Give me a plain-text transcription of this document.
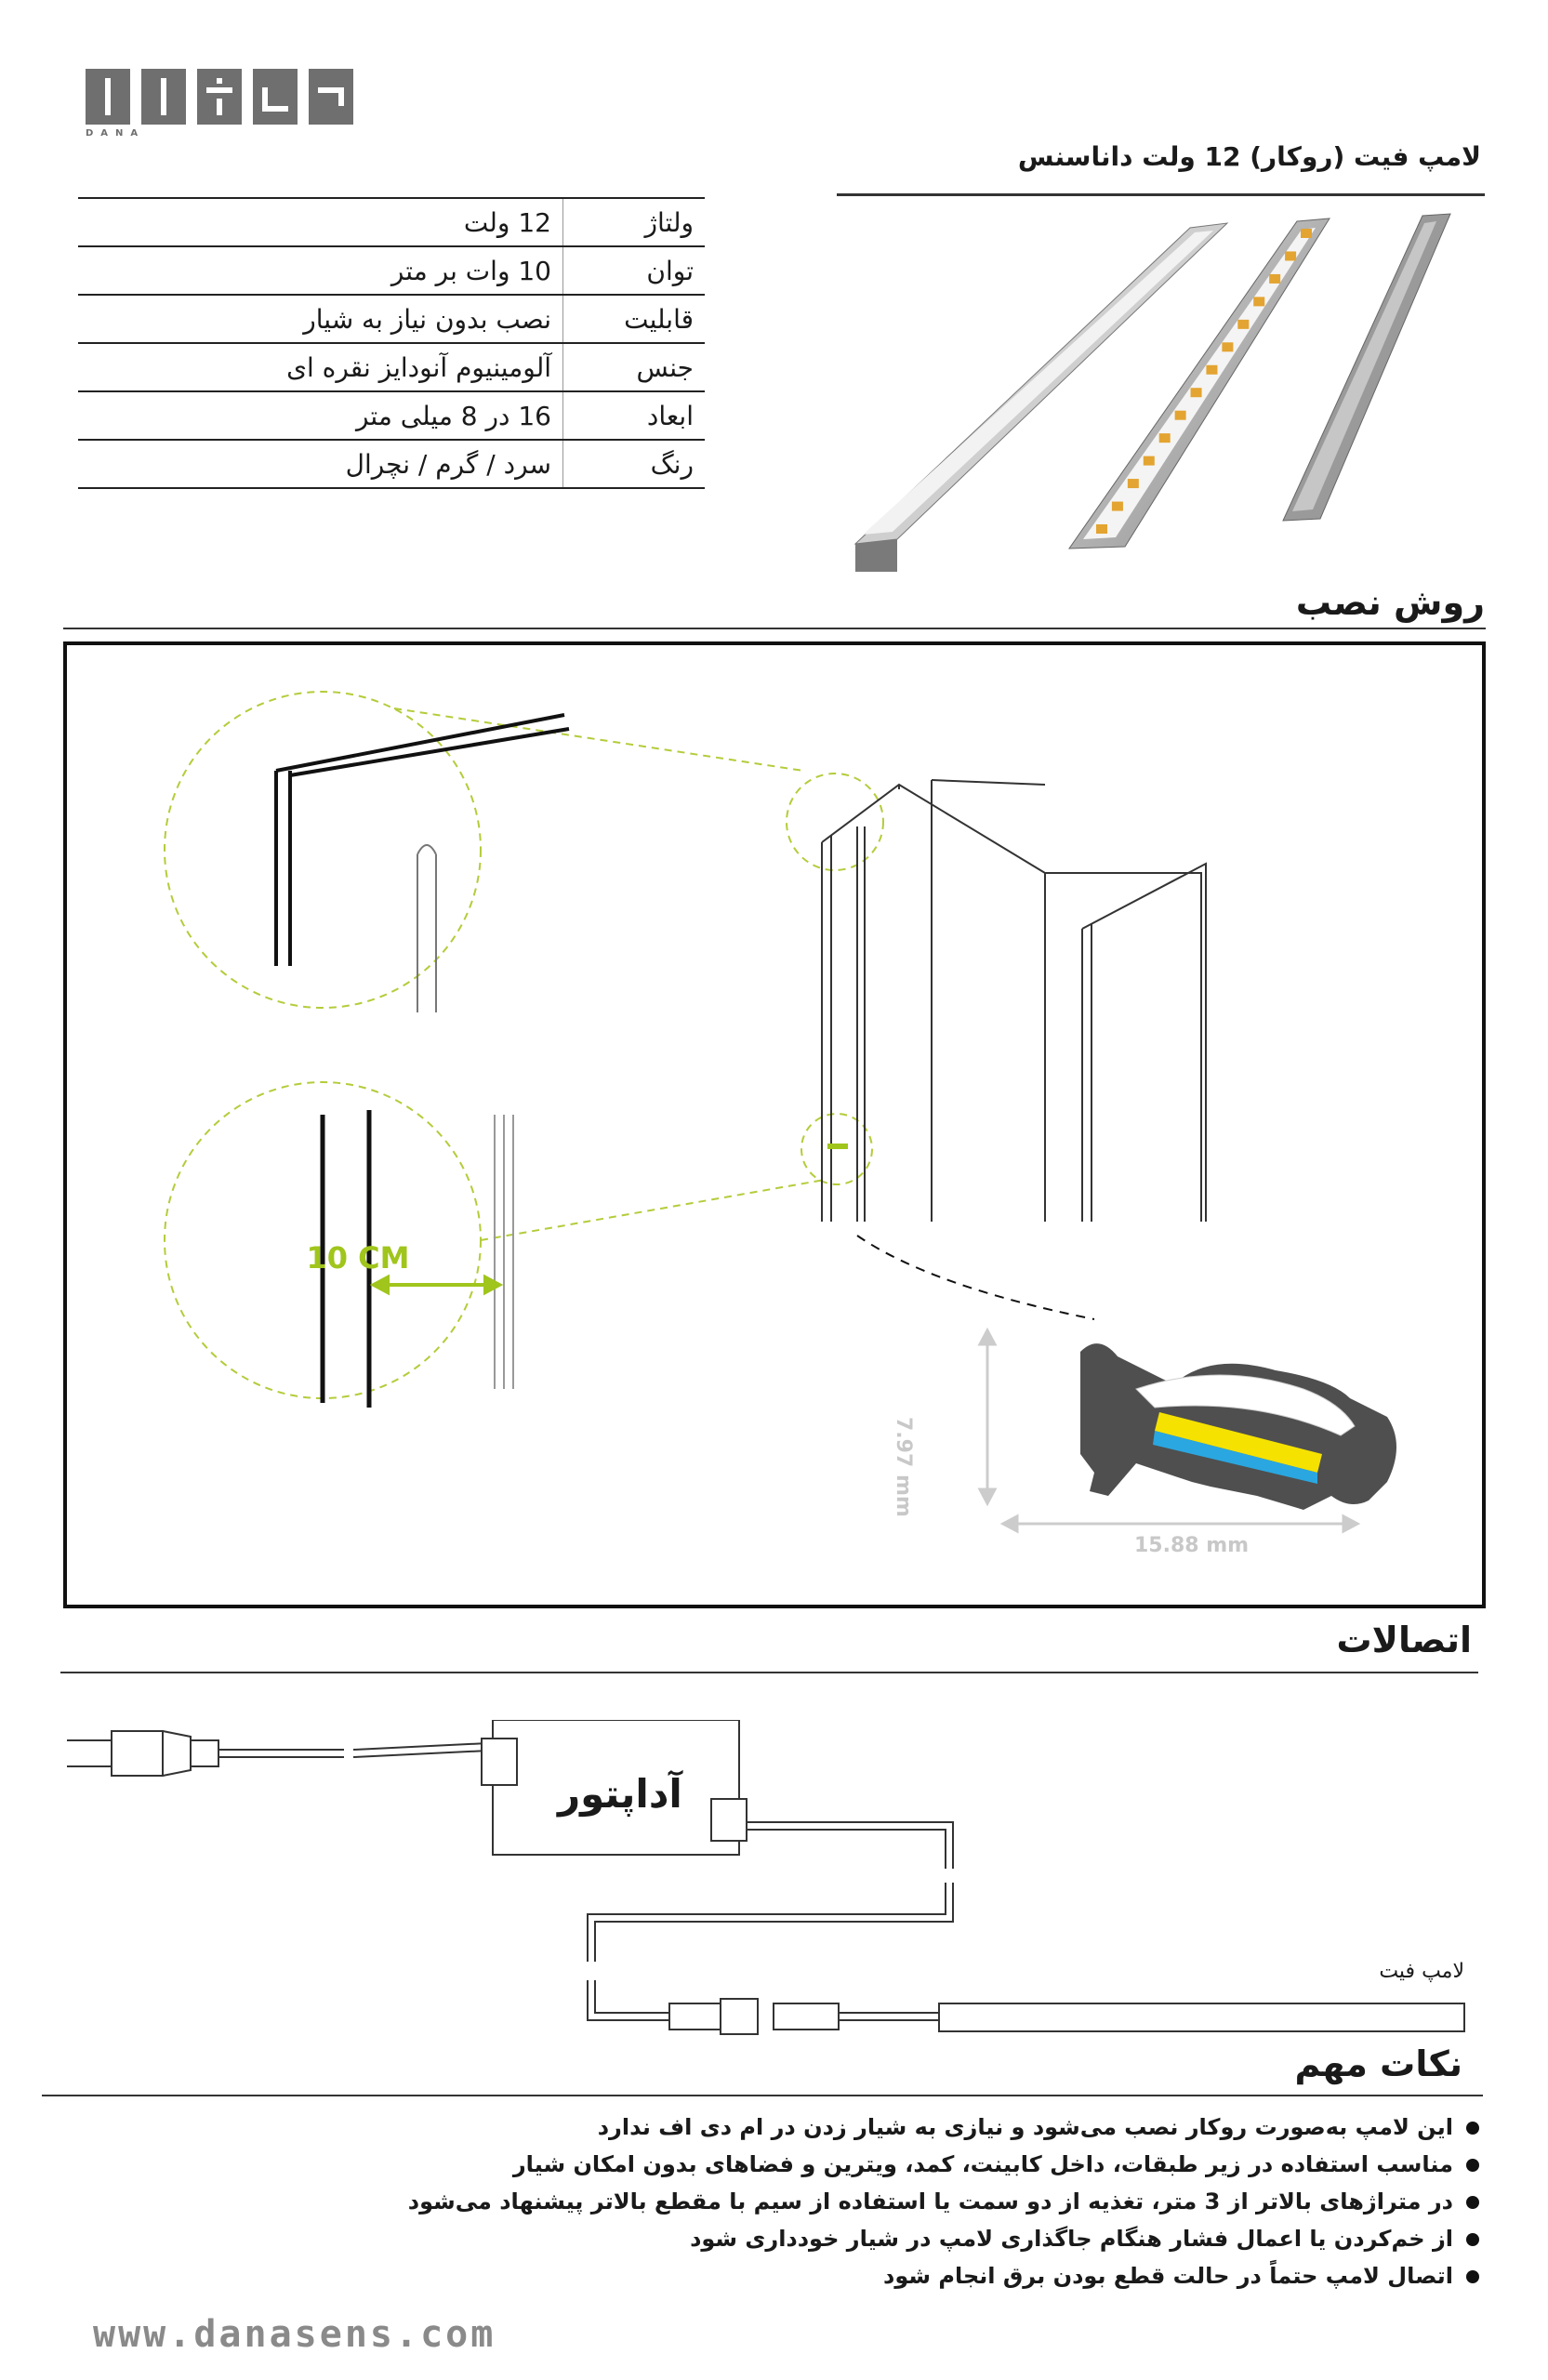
DANA
لامپ فیت (روکار) 12 ولت داناسنس
ولتاژ	12 ولت
توان	10 وات بر متر
قابلیت	نصب بدون نیاز به شیار
جنس	آلومینیوم آنودایز نقره ای
ابعاد	16 در 8 میلی متر
رنگ	سرد / گرم / نچرال
روش نصب
10 CM
7.97 mm
15.88 mm
اتصالات
آداپتور
لامپ فیت
نکات مهم
این لامپ به‌صورت روکار نصب می‌شود و نیازی به شیار زدن در ام دی اف ندارد
مناسب استفاده در زیر طبقات، داخل کابینت، کمد، ویترین و فضاهای بدون امکان شیار
در متراژهای بالاتر از 3 متر، تغذیه از دو سمت یا استفاده از سیم با مقطع بالاتر پیشنهاد می‌شود
از خم‌کردن یا اعمال فشار هنگام جاگذاری لامپ در شیار خودداری شود
اتصال لامپ حتماً در حالت قطع بودن برق انجام شود
www.danasens.com
